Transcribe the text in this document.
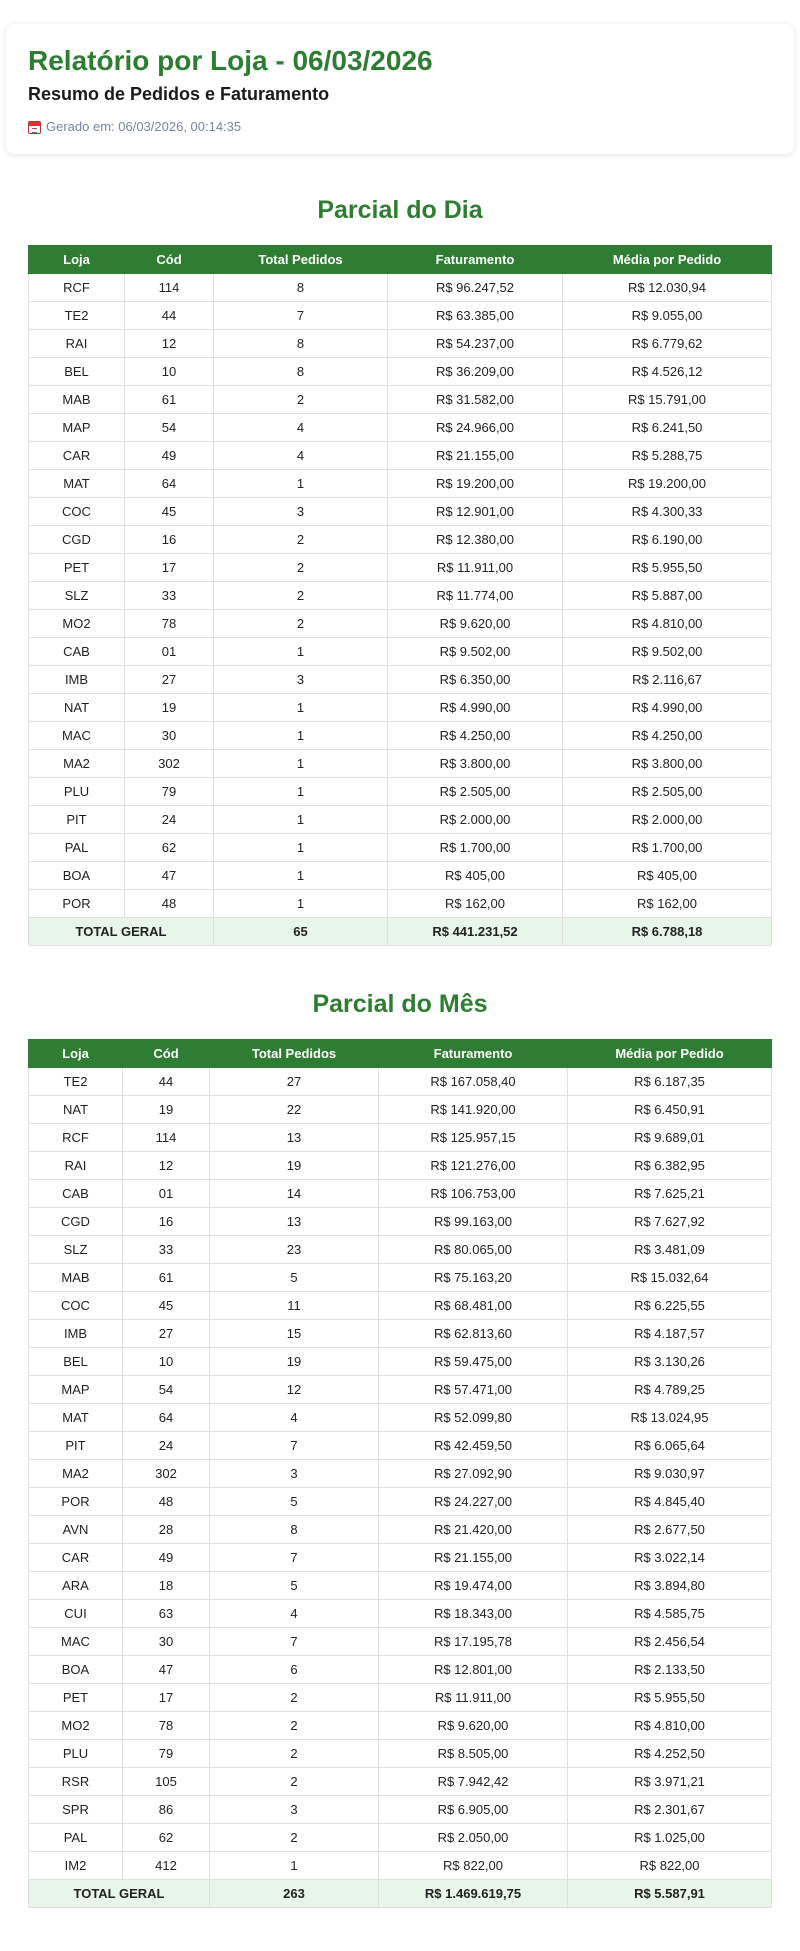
Relatório por Loja - 06/03/2026
Resumo de Pedidos e Faturamento
Gerado em: 06/03/2026, 00:14:35
Parcial do Dia
Loja	Cód	Total Pedidos	Faturamento	Média por Pedido
RCF	114	8	R$ 96.247,52	R$ 12.030,94
TE2	44	7	R$ 63.385,00	R$ 9.055,00
RAI	12	8	R$ 54.237,00	R$ 6.779,62
BEL	10	8	R$ 36.209,00	R$ 4.526,12
MAB	61	2	R$ 31.582,00	R$ 15.791,00
MAP	54	4	R$ 24.966,00	R$ 6.241,50
CAR	49	4	R$ 21.155,00	R$ 5.288,75
MAT	64	1	R$ 19.200,00	R$ 19.200,00
COC	45	3	R$ 12.901,00	R$ 4.300,33
CGD	16	2	R$ 12.380,00	R$ 6.190,00
PET	17	2	R$ 11.911,00	R$ 5.955,50
SLZ	33	2	R$ 11.774,00	R$ 5.887,00
MO2	78	2	R$ 9.620,00	R$ 4.810,00
CAB	01	1	R$ 9.502,00	R$ 9.502,00
IMB	27	3	R$ 6.350,00	R$ 2.116,67
NAT	19	1	R$ 4.990,00	R$ 4.990,00
MAC	30	1	R$ 4.250,00	R$ 4.250,00
MA2	302	1	R$ 3.800,00	R$ 3.800,00
PLU	79	1	R$ 2.505,00	R$ 2.505,00
PIT	24	1	R$ 2.000,00	R$ 2.000,00
PAL	62	1	R$ 1.700,00	R$ 1.700,00
BOA	47	1	R$ 405,00	R$ 405,00
POR	48	1	R$ 162,00	R$ 162,00
TOTAL GERAL		65	R$ 441.231,52	R$ 6.788,18
Parcial do Mês
Loja	Cód	Total Pedidos	Faturamento	Média por Pedido
TE2	44	27	R$ 167.058,40	R$ 6.187,35
NAT	19	22	R$ 141.920,00	R$ 6.450,91
RCF	114	13	R$ 125.957,15	R$ 9.689,01
RAI	12	19	R$ 121.276,00	R$ 6.382,95
CAB	01	14	R$ 106.753,00	R$ 7.625,21
CGD	16	13	R$ 99.163,00	R$ 7.627,92
SLZ	33	23	R$ 80.065,00	R$ 3.481,09
MAB	61	5	R$ 75.163,20	R$ 15.032,64
COC	45	11	R$ 68.481,00	R$ 6.225,55
IMB	27	15	R$ 62.813,60	R$ 4.187,57
BEL	10	19	R$ 59.475,00	R$ 3.130,26
MAP	54	12	R$ 57.471,00	R$ 4.789,25
MAT	64	4	R$ 52.099,80	R$ 13.024,95
PIT	24	7	R$ 42.459,50	R$ 6.065,64
MA2	302	3	R$ 27.092,90	R$ 9.030,97
POR	48	5	R$ 24.227,00	R$ 4.845,40
AVN	28	8	R$ 21.420,00	R$ 2.677,50
CAR	49	7	R$ 21.155,00	R$ 3.022,14
ARA	18	5	R$ 19.474,00	R$ 3.894,80
CUI	63	4	R$ 18.343,00	R$ 4.585,75
MAC	30	7	R$ 17.195,78	R$ 2.456,54
BOA	47	6	R$ 12.801,00	R$ 2.133,50
PET	17	2	R$ 11.911,00	R$ 5.955,50
MO2	78	2	R$ 9.620,00	R$ 4.810,00
PLU	79	2	R$ 8.505,00	R$ 4.252,50
RSR	105	2	R$ 7.942,42	R$ 3.971,21
SPR	86	3	R$ 6.905,00	R$ 2.301,67
PAL	62	2	R$ 2.050,00	R$ 1.025,00
IM2	412	1	R$ 822,00	R$ 822,00
TOTAL GERAL		263	R$ 1.469.619,75	R$ 5.587,91
